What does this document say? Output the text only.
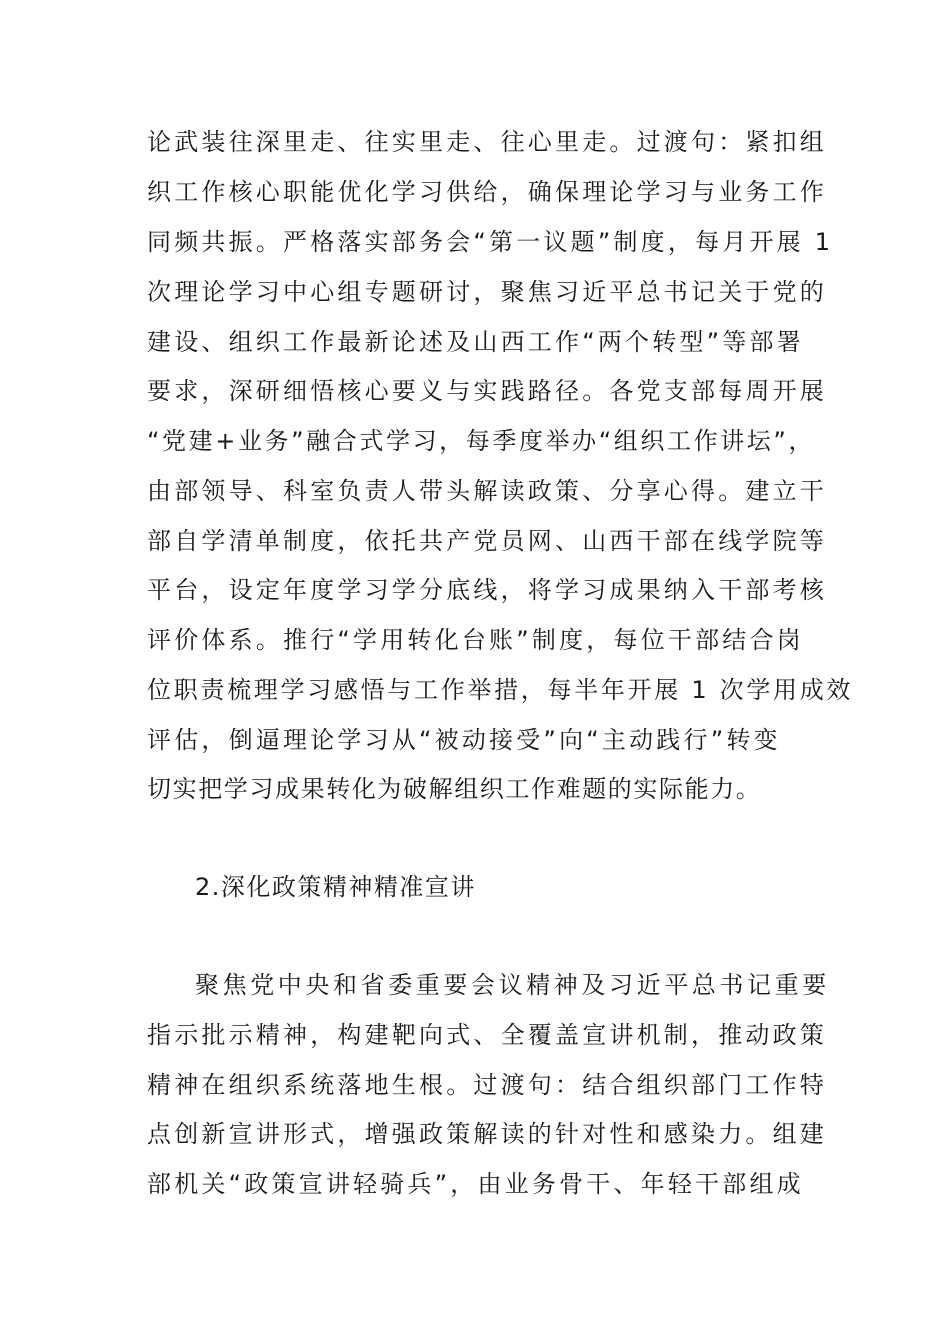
论武装往深里走、往实里走、往心里走。过渡句：紧扣组
织工作核心职能优化学习供给，确保理论学习与业务工作
同频共振。严格落实部务会“第一议题”制度，每月开展 1
次理论学习中心组专题研讨，聚焦习近平总书记关于党的
建设、组织工作最新论述及山西工作“两个转型”等部署
要求，深研细悟核心要义与实践路径。各党支部每周开展
“党建+业务”融合式学习，每季度举办“组织工作讲坛”，
由部领导、科室负责人带头解读政策、分享心得。建立干
部自学清单制度，依托共产党员网、山西干部在线学院等
平台，设定年度学习学分底线，将学习成果纳入干部考核
评价体系。推行“学用转化台账”制度，每位干部结合岗
位职责梳理学习感悟与工作举措，每半年开展 1 次学用成效
评估，倒逼理论学习从“被动接受”向“主动践行”转变
切实把学习成果转化为破解组织工作难题的实际能力。
2.深化政策精神精准宣讲
聚焦党中央和省委重要会议精神及习近平总书记重要
指示批示精神，构建靶向式、全覆盖宣讲机制，推动政策
精神在组织系统落地生根。过渡句：结合组织部门工作特
点创新宣讲形式，增强政策解读的针对性和感染力。组建
部机关“政策宣讲轻骑兵”，由业务骨干、年轻干部组成
